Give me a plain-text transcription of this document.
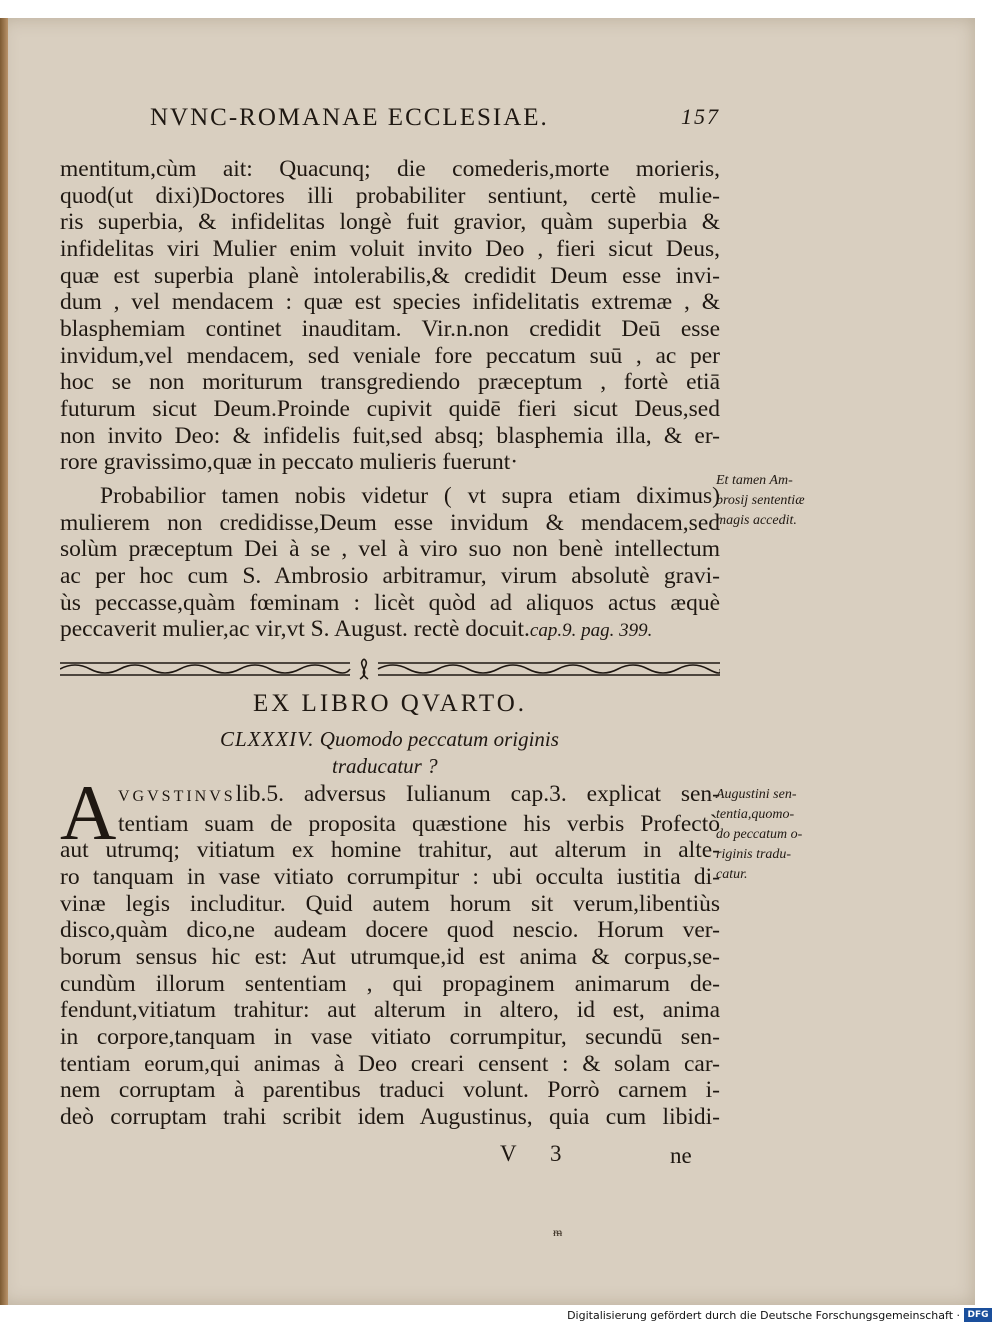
NVNC-ROMANAE ECCLESIAE.	157
mentitum,cùm ait: Quacunq; die comederis,morte morieris,
quod(ut dixi)Doctores illi probabiliter sentiunt, certè mulie-
ris superbia, & infidelitas longè fuit gravior, quàm superbia &
infidelitas viri Mulier enim voluit invito Deo , fieri sicut Deus,
quæ est superbia planè intolerabilis,& credidit Deum esse invi-
dum , vel mendacem : quæ est species infidelitatis extremæ , &
blasphemiam continet inauditam. Vir.n.non credidit Deū esse
invidum,vel mendacem, sed veniale fore peccatum suū , ac per
hoc se non moriturum transgrediendo præceptum , fortè etiā
futurum sicut Deum.Proinde cupivit quidē fieri sicut Deus,sed
non invito Deo: & infidelis fuit,sed absq; blasphemia illa, & er-
rore gravissimo,quæ in peccato mulieris fuerunt·
Et tamen Am-
brosij sententiæ
magis accedit.
Probabilior tamen nobis videtur ( vt supra etiam diximus)
mulierem non credidisse,Deum esse invidum & mendacem,sed
solùm præceptum Dei à se , vel à viro suo non benè intellectum
ac per hoc cum S. Ambrosio arbitramur, virum absolutè gravi-
ùs peccasse,quàm fœminam : licèt quòd ad aliquos actus æquè
peccaverit mulier,ac vir,vt S. August. rectè docuit.cap.9. pag. 399.
EX LIBRO QVARTO.
CLXXXIV. Quomodo peccatum originis
traducatur ?
A VGVSTINVSlib.5. adversus Iulianum cap.3. explicat sen-
tentiam suam de proposita quæstione his verbis Profectò
aut utrumq; vitiatum ex homine trahitur, aut alterum in alte-
ro tanquam in vase vitiato corrumpitur : ubi occulta iustitia di-
vinæ legis includitur. Quid autem horum sit verum,libentiùs
disco,quàm dico,ne audeam docere quod nescio. Horum ver-
borum sensus hic est: Aut utrumque,id est anima & corpus,se-
cundùm illorum sententiam , qui propaginem animarum de-
fendunt,vitiatum trahitur: aut alterum in altero, id est, anima
in corpore,tanquam in vase vitiato corrumpitur, secundū sen-
tentiam eorum,qui animas à Deo creari censent : & solam car-
nem corruptam à parentibus traduci volunt. Porrò carnem i-
deò corruptam trahi scribit idem Augustinus, quia cum libidi-
Augustini sen-
tentia,quomo-
do peccatum o-
riginis tradu-
catur.
V 3	ne
ᵯ
Digitalisierung gefördert durch die Deutsche Forschungsgemeinschaft · DFG
